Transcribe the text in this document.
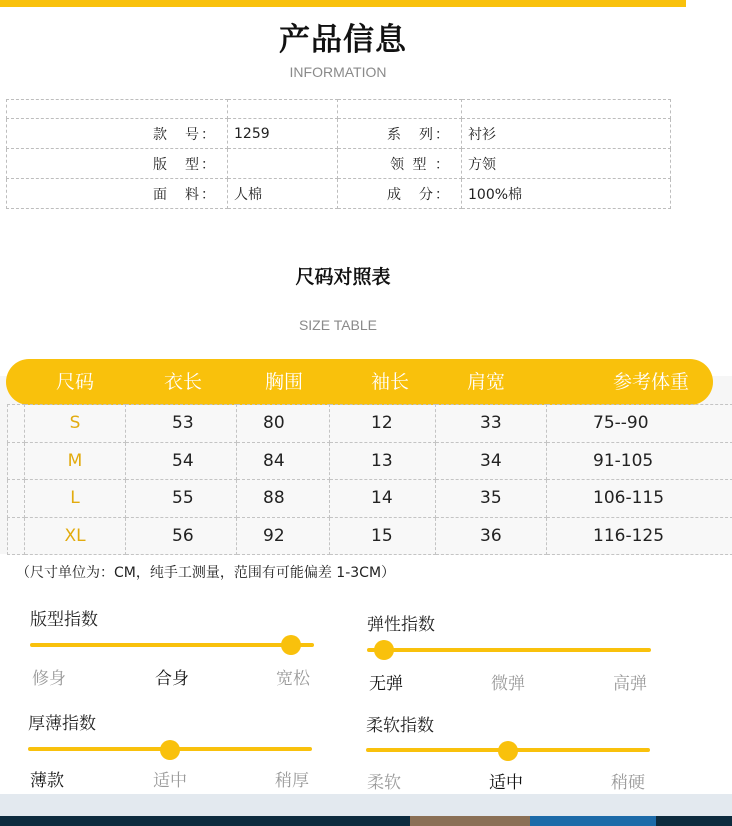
产品信息
INFORMATION

款　号：	1259	系　列：	衬衫
版　型：		领 型 ：	方领
面　料：	人棉	成　分：	100%棉
尺码对照表
SIZE TABLE
尺码	衣长	胸围	袖长	肩宽	参考体重
	S	53	80	12	33	75--90
	M	54	84	13	34	91-105
	L	55	88	14	35	106-115
	XL	56	92	15	36	116-125
（尺寸单位为：CM，纯手工测量，范围有可能偏差 1-3CM）
版型指数
修身	合身	宽松
弹性指数
无弹	微弹	高弹
厚薄指数
薄款	适中	稍厚
柔软指数
柔软	适中	稍硬
